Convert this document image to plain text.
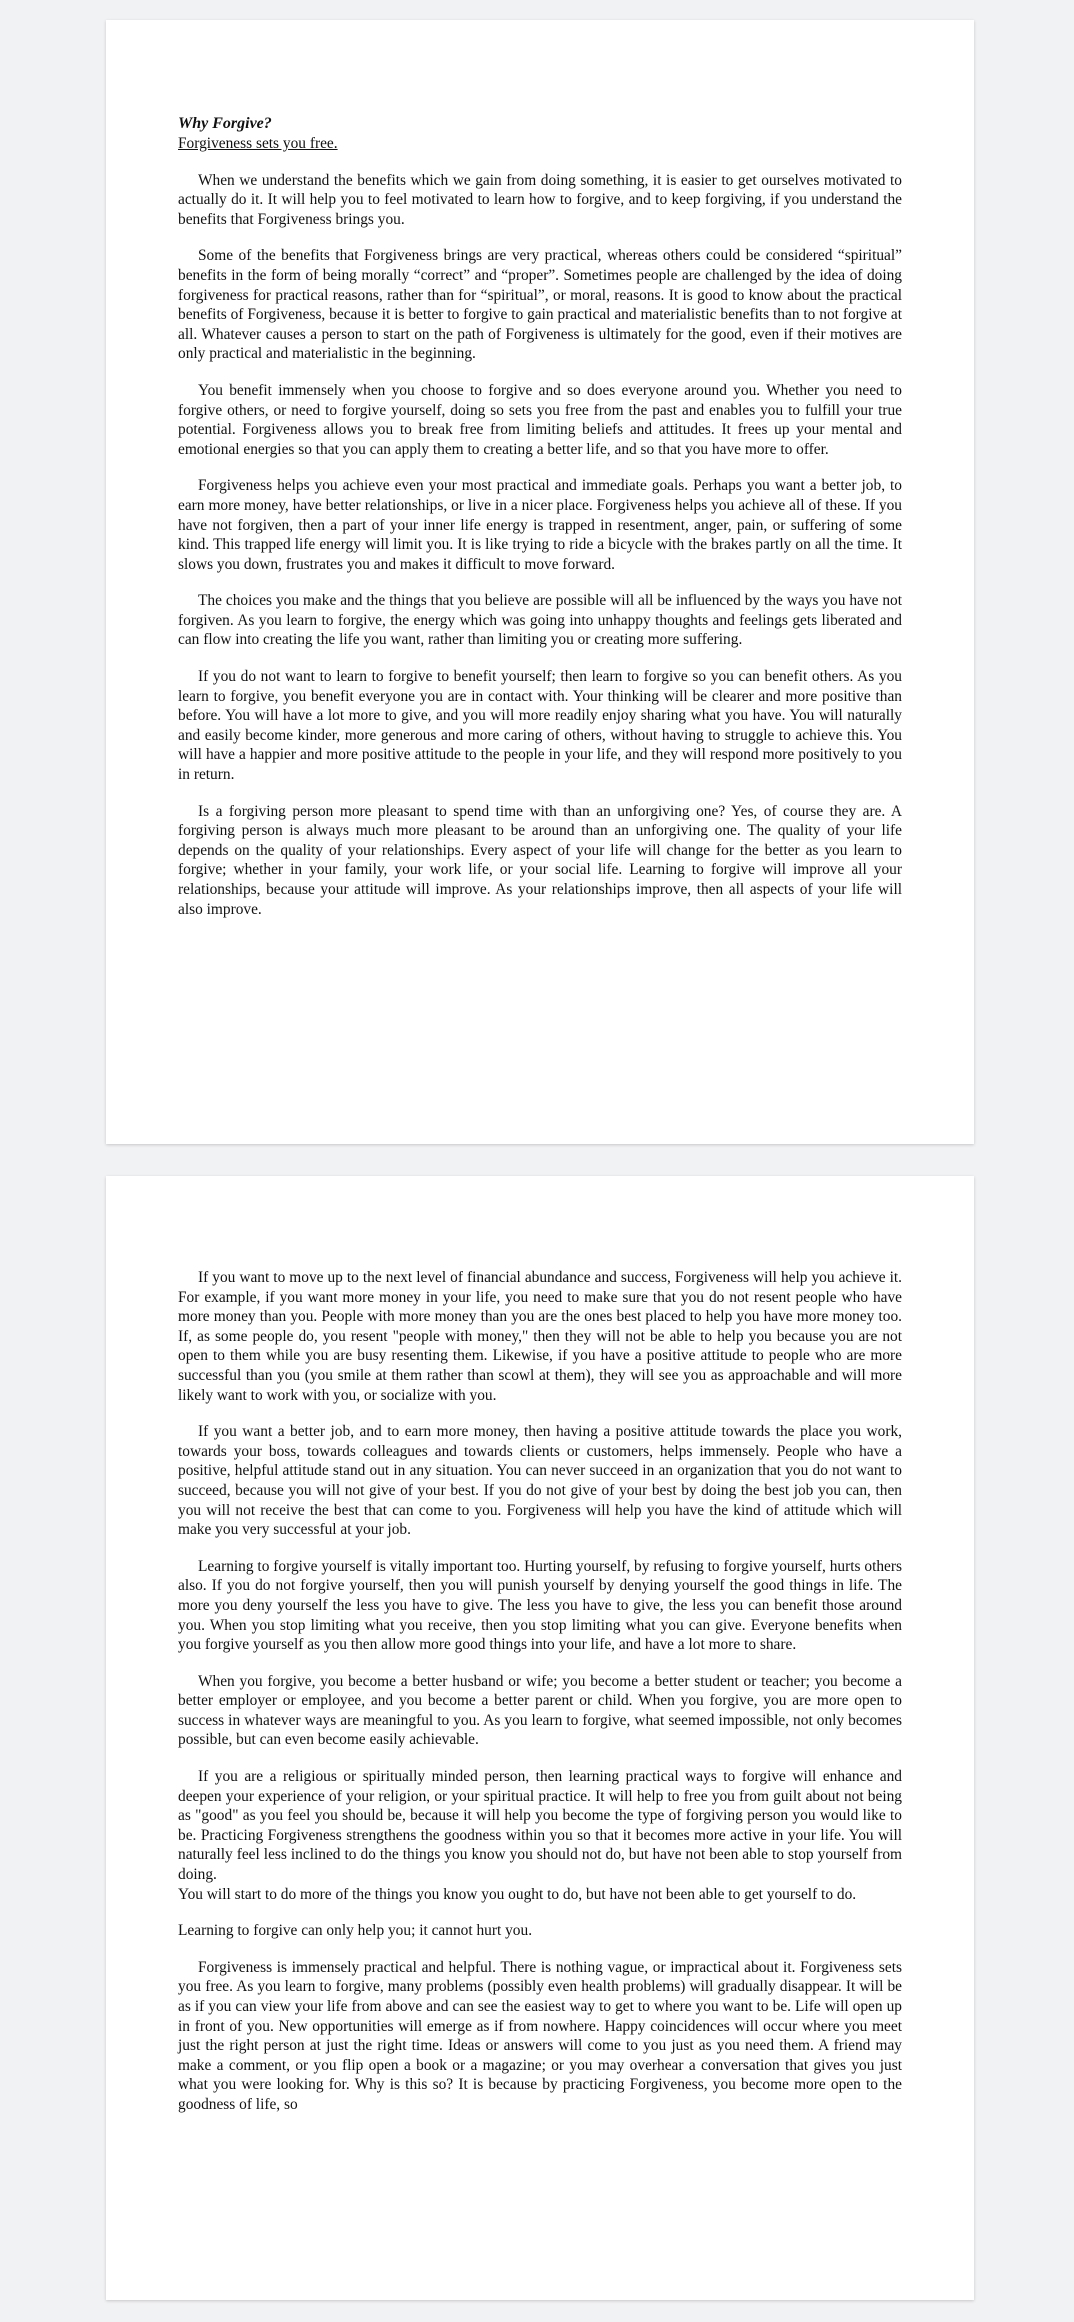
Why Forgive?

Forgiveness sets you free.

When we understand the benefits which we gain from doing something, it is easier to get ourselves motivated to actually do it. It will help you to feel motivated to learn how to forgive, and to keep forgiving, if you understand the benefits that Forgiveness brings you.

Some of the benefits that Forgiveness brings are very practical, whereas others could be considered “spiritual” benefits in the form of being morally “correct” and “proper”. Sometimes people are challenged by the idea of doing forgiveness for practical reasons, rather than for “spiritual”, or moral, reasons. It is good to know about the practical benefits of Forgiveness, because it is better to forgive to gain practical and materialistic benefits than to not forgive at all. Whatever causes a person to start on the path of Forgiveness is ultimately for the good, even if their motives are only practical and materialistic in the beginning.

You benefit immensely when you choose to forgive and so does everyone around you. Whether you need to forgive others, or need to forgive yourself, doing so sets you free from the past and enables you to fulfill your true potential. Forgiveness allows you to break free from limiting beliefs and attitudes. It frees up your mental and emotional energies so that you can apply them to creating a better life, and so that you have more to offer.

Forgiveness helps you achieve even your most practical and immediate goals. Perhaps you want a better job, to earn more money, have better relationships, or live in a nicer place. Forgiveness helps you achieve all of these. If you have not forgiven, then a part of your inner life energy is trapped in resentment, anger, pain, or suffering of some kind. This trapped life energy will limit you. It is like trying to ride a bicycle with the brakes partly on all the time. It slows you down, frustrates you and makes it difficult to move forward.

The choices you make and the things that you believe are possible will all be influenced by the ways you have not forgiven. As you learn to forgive, the energy which was going into unhappy thoughts and feelings gets liberated and can flow into creating the life you want, rather than limiting you or creating more suffering.

If you do not want to learn to forgive to benefit yourself; then learn to forgive so you can benefit others. As you learn to forgive, you benefit everyone you are in contact with. Your thinking will be clearer and more positive than before. You will have a lot more to give, and you will more readily enjoy sharing what you have. You will naturally and easily become kinder, more generous and more caring of others, without having to struggle to achieve this. You will have a happier and more positive attitude to the people in your life, and they will respond more positively to you in return.

Is a forgiving person more pleasant to spend time with than an unforgiving one? Yes, of course they are. A forgiving person is always much more pleasant to be around than an unforgiving one. The quality of your life depends on the quality of your relationships. Every aspect of your life will change for the better as you learn to forgive; whether in your family, your work life, or your social life. Learning to forgive will improve all your relationships, because your attitude will improve. As your relationships improve, then all aspects of your life will also improve.

If you want to move up to the next level of financial abundance and success, Forgiveness will help you achieve it. For example, if you want more money in your life, you need to make sure that you do not resent people who have more money than you. People with more money than you are the ones best placed to help you have more money too. If, as some people do, you resent "people with money," then they will not be able to help you because you are not open to them while you are busy resenting them. Likewise, if you have a positive attitude to people who are more successful than you (you smile at them rather than scowl at them), they will see you as approachable and will more likely want to work with you, or socialize with you.

If you want a better job, and to earn more money, then having a positive attitude towards the place you work, towards your boss, towards colleagues and towards clients or customers, helps immensely. People who have a positive, helpful attitude stand out in any situation. You can never succeed in an organization that you do not want to succeed, because you will not give of your best. If you do not give of your best by doing the best job you can, then you will not receive the best that can come to you. Forgiveness will help you have the kind of attitude which will make you very successful at your job.

Learning to forgive yourself is vitally important too. Hurting yourself, by refusing to forgive yourself, hurts others also. If you do not forgive yourself, then you will punish yourself by denying yourself the good things in life. The more you deny yourself the less you have to give. The less you have to give, the less you can benefit those around you. When you stop limiting what you receive, then you stop limiting what you can give. Everyone benefits when you forgive yourself as you then allow more good things into your life, and have a lot more to share.

When you forgive, you become a better husband or wife; you become a better student or teacher; you become a better employer or employee, and you become a better parent or child. When you forgive, you are more open to success in whatever ways are meaningful to you. As you learn to forgive, what seemed impossible, not only becomes possible, but can even become easily achievable.

If you are a religious or spiritually minded person, then learning practical ways to forgive will enhance and deepen your experience of your religion, or your spiritual practice. It will help to free you from guilt about not being as "good" as you feel you should be, because it will help you become the type of forgiving person you would like to be. Practicing Forgiveness strengthens the goodness within you so that it becomes more active in your life. You will naturally feel less inclined to do the things you know you should not do, but have not been able to stop yourself from doing.

You will start to do more of the things you know you ought to do, but have not been able to get yourself to do.

Learning to forgive can only help you; it cannot hurt you.

Forgiveness is immensely practical and helpful. There is nothing vague, or impractical about it. Forgiveness sets you free. As you learn to forgive, many problems (possibly even health problems) will gradually disappear. It will be as if you can view your life from above and can see the easiest way to get to where you want to be. Life will open up in front of you. New opportunities will emerge as if from nowhere. Happy coincidences will occur where you meet just the right person at just the right time. Ideas or answers will come to you just as you need them. A friend may make a comment, or you flip open a book or a magazine; or you may overhear a conversation that gives you just what you were looking for. Why is this so? It is because by practicing Forgiveness, you become more open to the goodness of life, so
